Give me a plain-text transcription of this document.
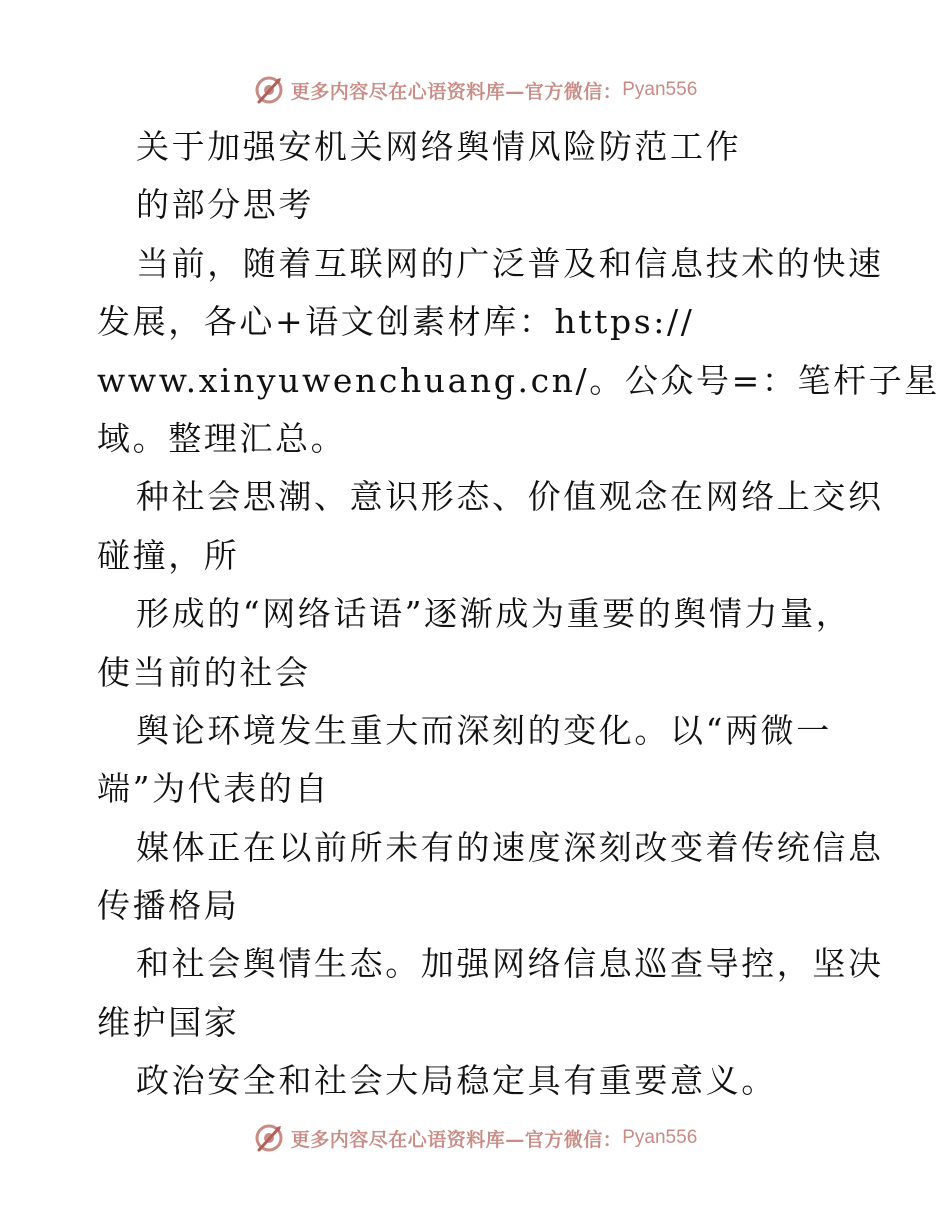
更多内容尽在心语资料库—官方微信： Pyan556
关于加强安机关网络舆情风险防范工作
的部分思考
当前，随着互联网的广泛普及和信息技术的快速
发展，各心+语文创素材库：https://
www.xinyuwenchuang.cn/。公众号=：笔杆子星
域。整理汇总。
种社会思潮、意识形态、价值观念在网络上交织
碰撞，所
形成的“网络话语”逐渐成为重要的舆情力量，
使当前的社会
舆论环境发生重大而深刻的变化。以“两微一
端”为代表的自
媒体正在以前所未有的速度深刻改变着传统信息
传播格局
和社会舆情生态。加强网络信息巡查导控，坚决
维护国家
政治安全和社会大局稳定具有重要意义。
更多内容尽在心语资料库—官方微信： Pyan556
